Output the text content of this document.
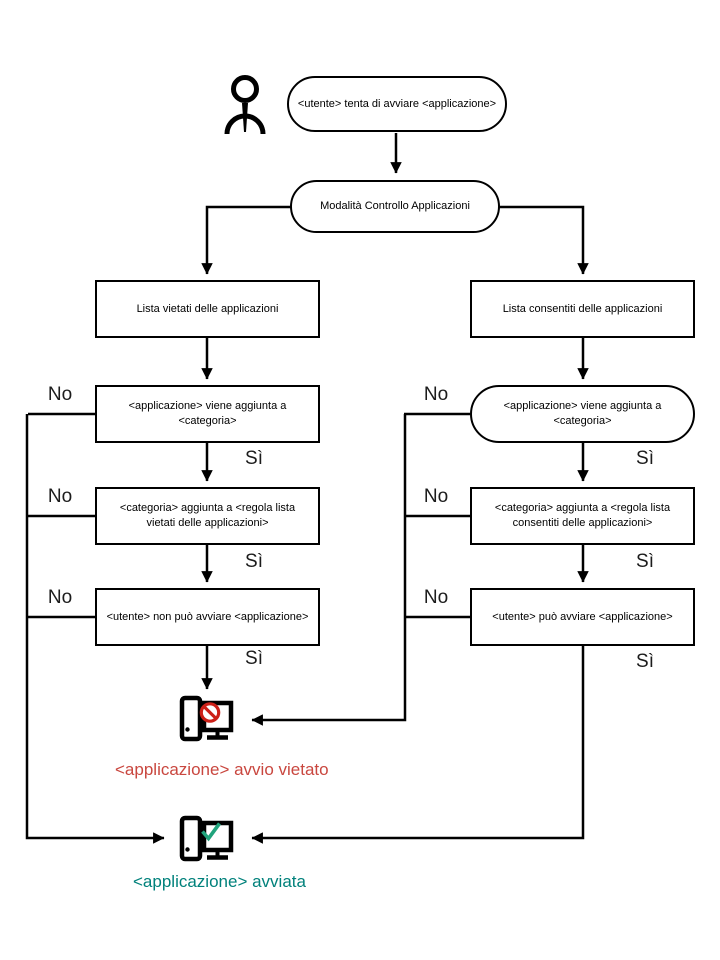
<utente> tenta di avviare <applicazione>
Modalità Controllo Applicazioni
Lista vietati delle applicazioni	Lista consentiti delle applicazioni
<applicazione> viene aggiunta a <categoria>
<applicazione> viene aggiunta a <categoria>
<categoria> aggiunta a <regola lista vietati delle applicazioni>
<categoria> aggiunta a <regola lista consentiti delle applicazioni>
<utente> non può avviare <applicazione>	<utente> può avviare <applicazione>
No
No
No
No
No
No
Sì
Sì
Sì
Sì
Sì
Sì
<applicazione> avvio vietato
<applicazione> avviata
